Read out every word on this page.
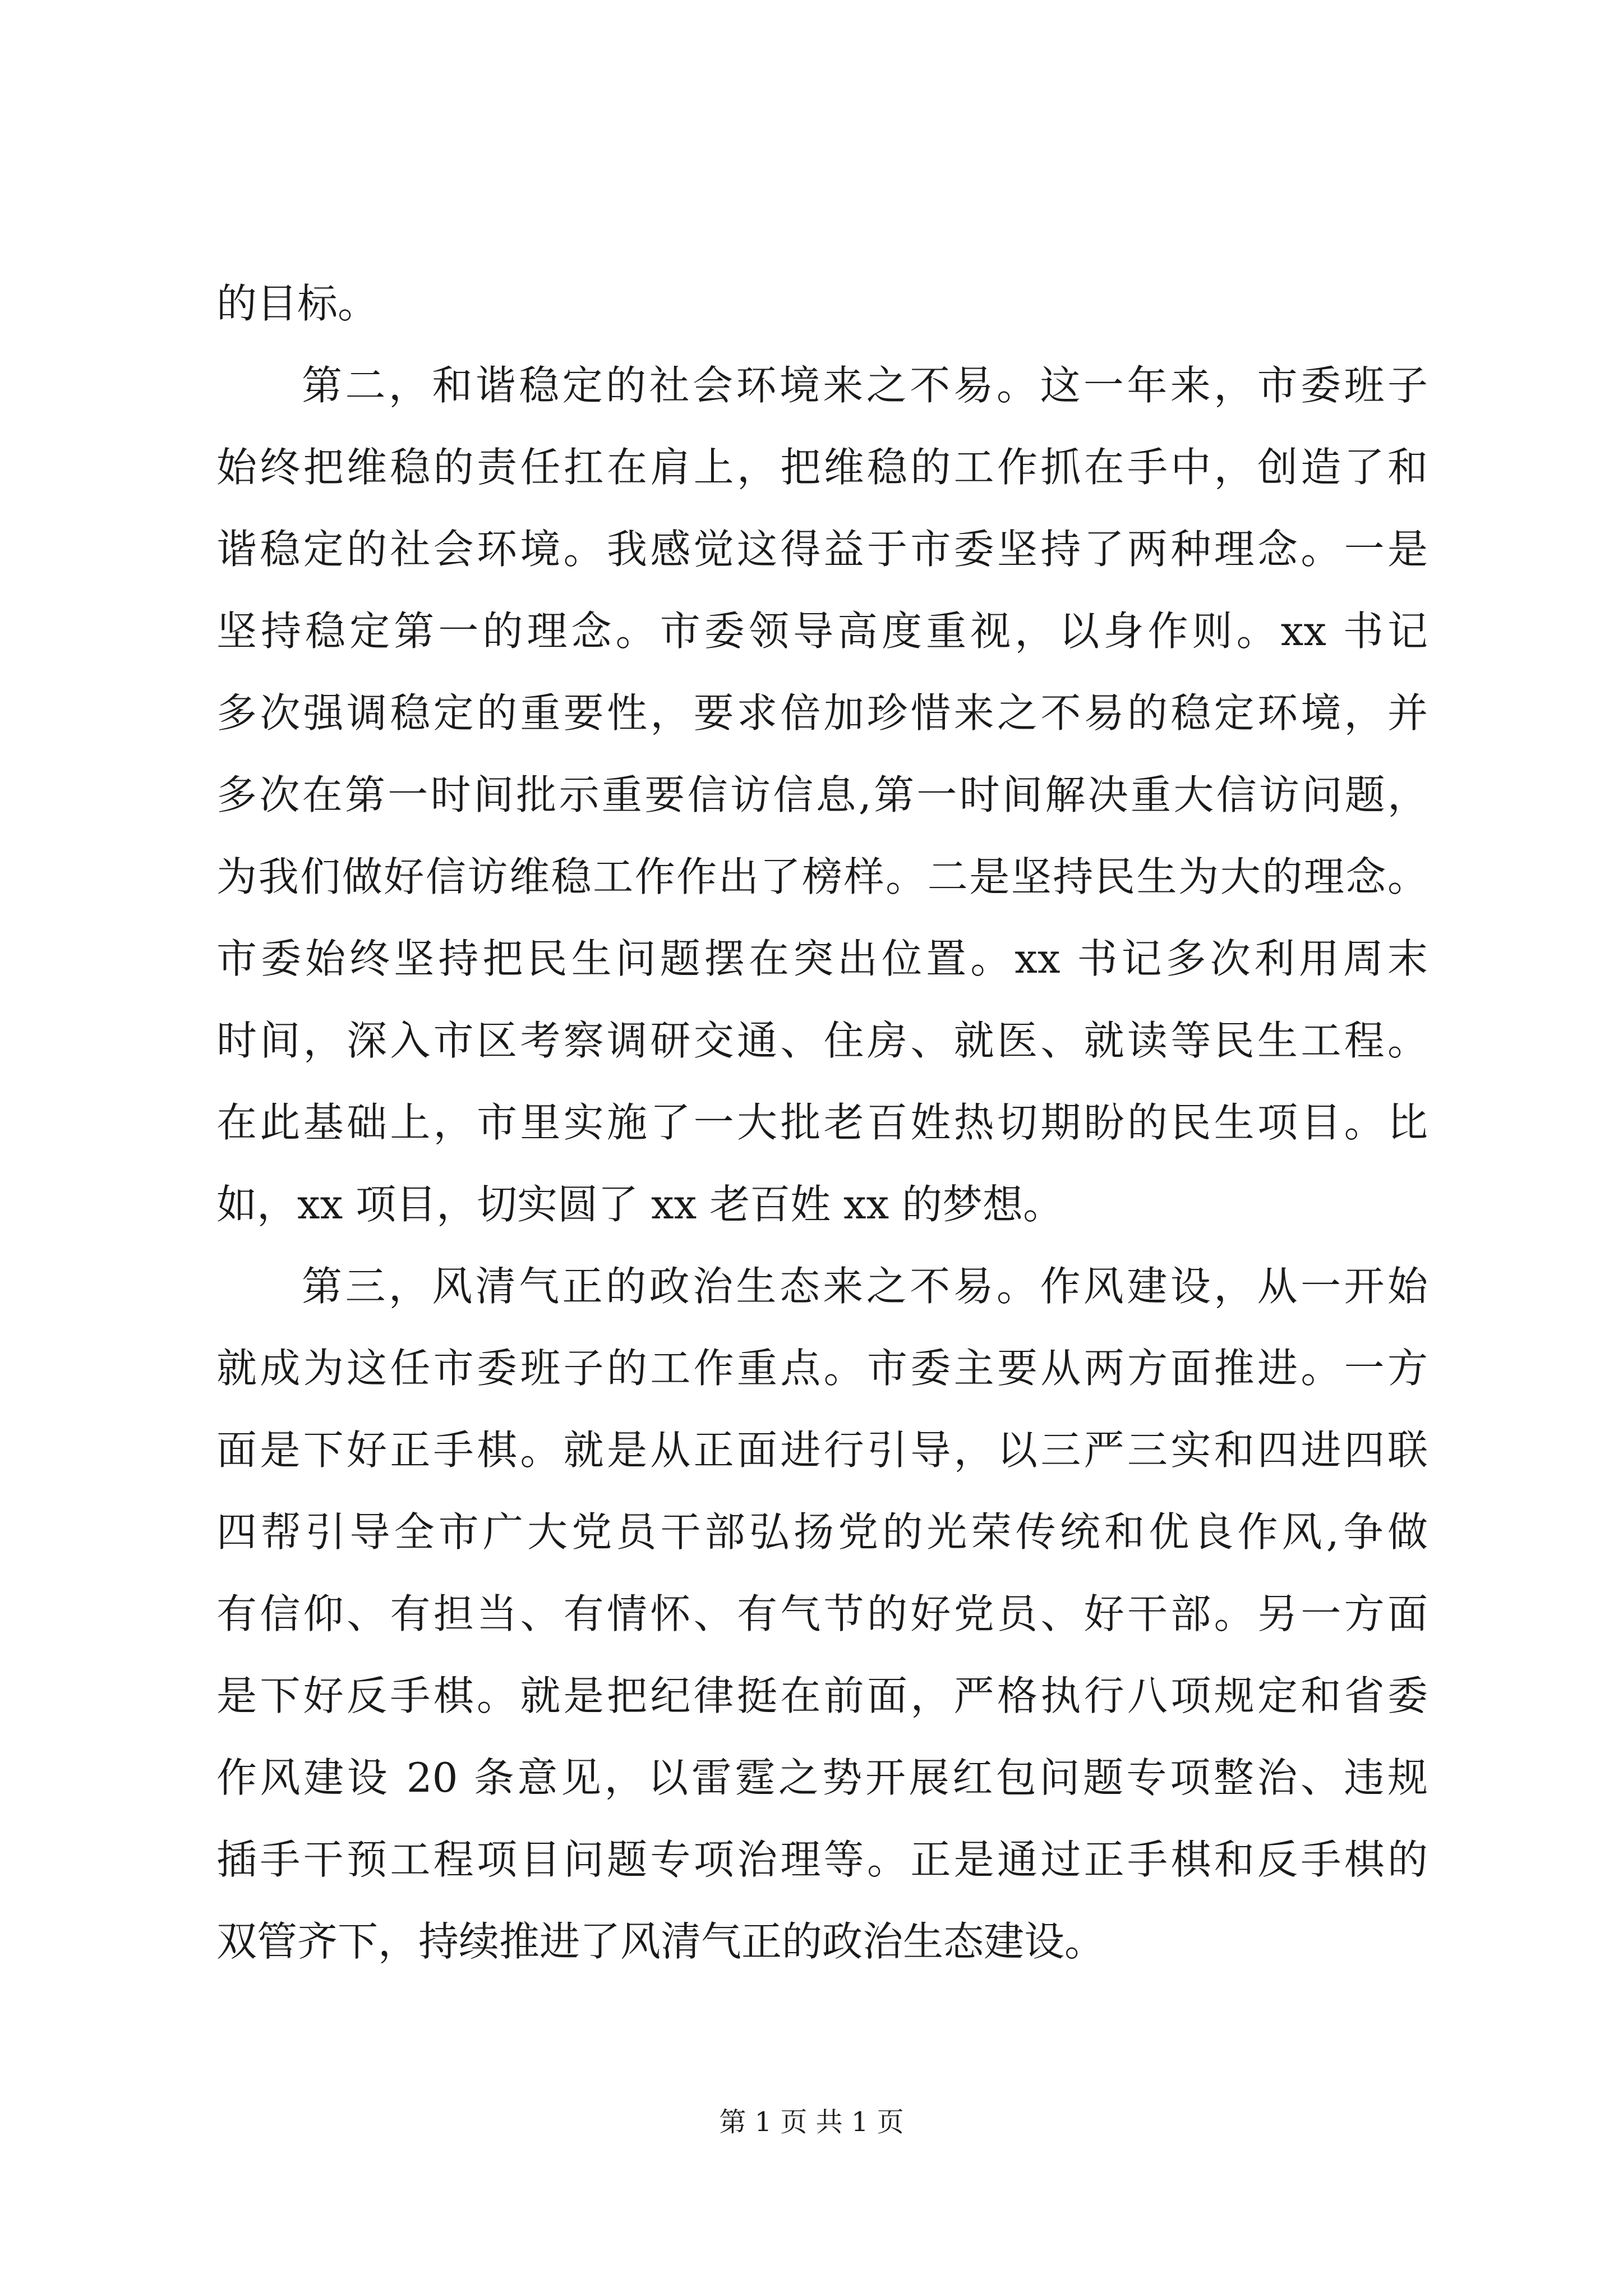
的目标。
第二，和谐稳定的社会环境来之不易。这一年来，市委班子
始终把维稳的责任扛在肩上，把维稳的工作抓在手中，创造了和
谐稳定的社会环境。我感觉这得益于市委坚持了两种理念。一是
坚持稳定第一的理念。市委领导高度重视，以身作则。xx 书记
多次强调稳定的重要性，要求倍加珍惜来之不易的稳定环境，并
多次在第一时间批示重要信访信息,第一时间解决重大信访问题，
为我们做好信访维稳工作作出了榜样。二是坚持民生为大的理念。
市委始终坚持把民生问题摆在突出位置。xx 书记多次利用周末
时间，深入市区考察调研交通、住房、就医、就读等民生工程。
在此基础上，市里实施了一大批老百姓热切期盼的民生项目。比
如，xx 项目，切实圆了 xx 老百姓 xx 的梦想。
第三，风清气正的政治生态来之不易。作风建设，从一开始
就成为这任市委班子的工作重点。市委主要从两方面推进。一方
面是下好正手棋。就是从正面进行引导，以三严三实和四进四联
四帮引导全市广大党员干部弘扬党的光荣传统和优良作风,争做
有信仰、有担当、有情怀、有气节的好党员、好干部。另一方面
是下好反手棋。就是把纪律挺在前面，严格执行八项规定和省委
作风建设 20 条意见，以雷霆之势开展红包问题专项整治、违规
插手干预工程项目问题专项治理等。正是通过正手棋和反手棋的
双管齐下，持续推进了风清气正的政治生态建设。
第 1 页 共 1 页
